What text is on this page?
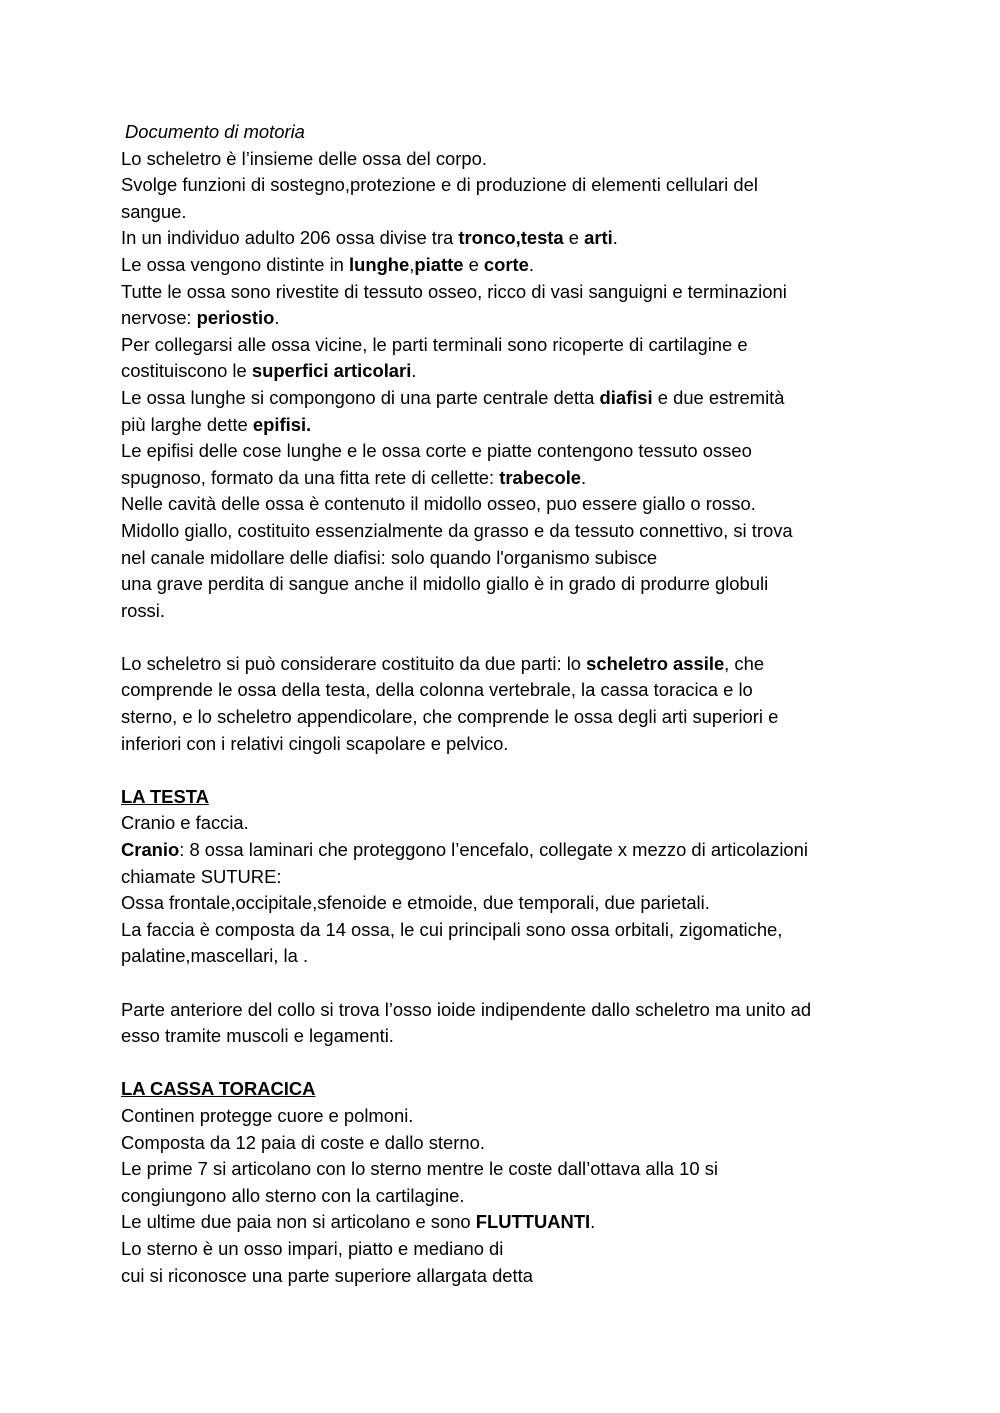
Documento di motoria
Lo scheletro è l’insieme delle ossa del corpo.
Svolge funzioni di sostegno,protezione e di produzione di elementi cellulari del
sangue.
In un individuo adulto 206 ossa divise tra tronco,testa e arti.
Le ossa vengono distinte in lunghe,piatte e corte.
Tutte le ossa sono rivestite di tessuto osseo, ricco di vasi sanguigni e terminazioni
nervose: periostio.
Per collegarsi alle ossa vicine, le parti terminali sono ricoperte di cartilagine e
costituiscono le superfici articolari.
Le ossa lunghe si compongono di una parte centrale detta diafisi e due estremità
più larghe dette epifisi.
Le epifisi delle cose lunghe e le ossa corte e piatte contengono tessuto osseo
spugnoso, formato da una fitta rete di cellette: trabecole.
Nelle cavità delle ossa è contenuto il midollo osseo, puo essere giallo o rosso.
Midollo giallo, costituito essenzialmente da grasso e da tessuto connettivo, si trova
nel canale midollare delle diafisi: solo quando l'organismo subisce
una grave perdita di sangue anche il midollo giallo è in grado di produrre globuli
rossi.
Lo scheletro si può considerare costituito da due parti: lo scheletro assile, che
comprende le ossa della testa, della colonna vertebrale, la cassa toracica e lo
sterno, e lo scheletro appendicolare, che comprende le ossa degli arti superiori e
inferiori con i relativi cingoli scapolare e pelvico.
LA TESTA
Cranio e faccia.
Cranio: 8 ossa laminari che proteggono l’encefalo, collegate x mezzo di articolazioni
chiamate SUTURE:
Ossa frontale,occipitale,sfenoide e etmoide, due temporali, due parietali.
La faccia è composta da 14 ossa, le cui principali sono ossa orbitali, zigomatiche,
palatine,mascellari, la .
Parte anteriore del collo si trova l’osso ioide indipendente dallo scheletro ma unito ad
esso tramite muscoli e legamenti.
LA CASSA TORACICA
Continen protegge cuore e polmoni.
Composta da 12 paia di coste e dallo sterno.
Le prime 7 si articolano con lo sterno mentre le coste dall’ottava alla 10 si
congiungono allo sterno con la cartilagine.
Le ultime due paia non si articolano e sono FLUTTUANTI.
Lo sterno è un osso impari, piatto e mediano di
cui si riconosce una parte superiore allargata detta
